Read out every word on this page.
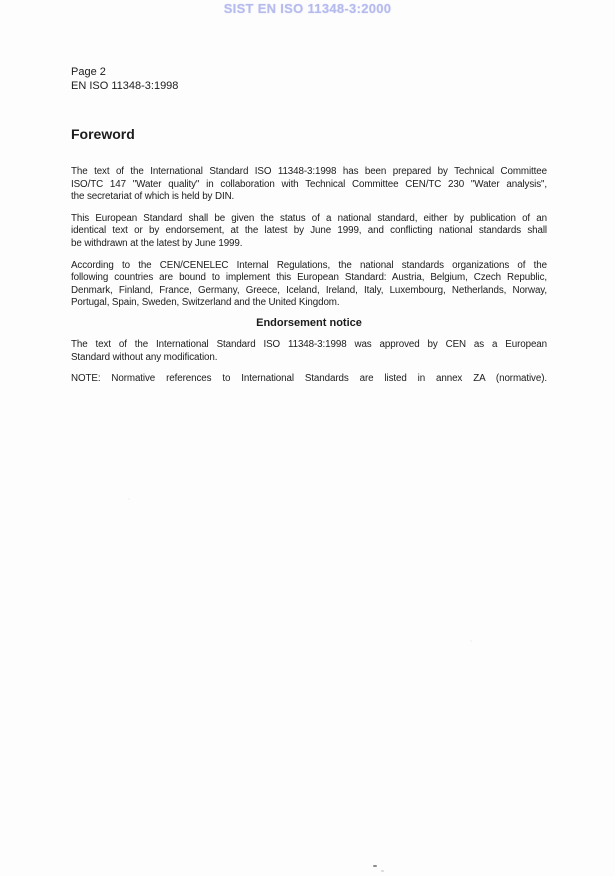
SIST EN ISO 11348-3:2000
Page 2
EN ISO 11348-3:1998
Foreword
The text of the International Standard ISO 11348-3:1998 has been prepared by Technical Committee
ISO/TC 147 "Water quality" in collaboration with Technical Committee CEN/TC 230 "Water analysis",
the secretariat of which is held by DIN.
This European Standard shall be given the status of a national standard, either by publication of an
identical text or by endorsement, at the latest by June 1999, and conflicting national standards shall
be withdrawn at the latest by June 1999.
According to the CEN/CENELEC Internal Regulations, the national standards organizations of the
following countries are bound to implement this European Standard: Austria, Belgium, Czech Republic,
Denmark, Finland, France, Germany, Greece, Iceland, Ireland, Italy, Luxembourg, Netherlands, Norway,
Portugal, Spain, Sweden, Switzerland and the United Kingdom.
Endorsement notice
The text of the International Standard ISO 11348-3:1998 was approved by CEN as a European
Standard without any modification.
NOTE: Normative references to International Standards are listed in annex ZA (normative).
